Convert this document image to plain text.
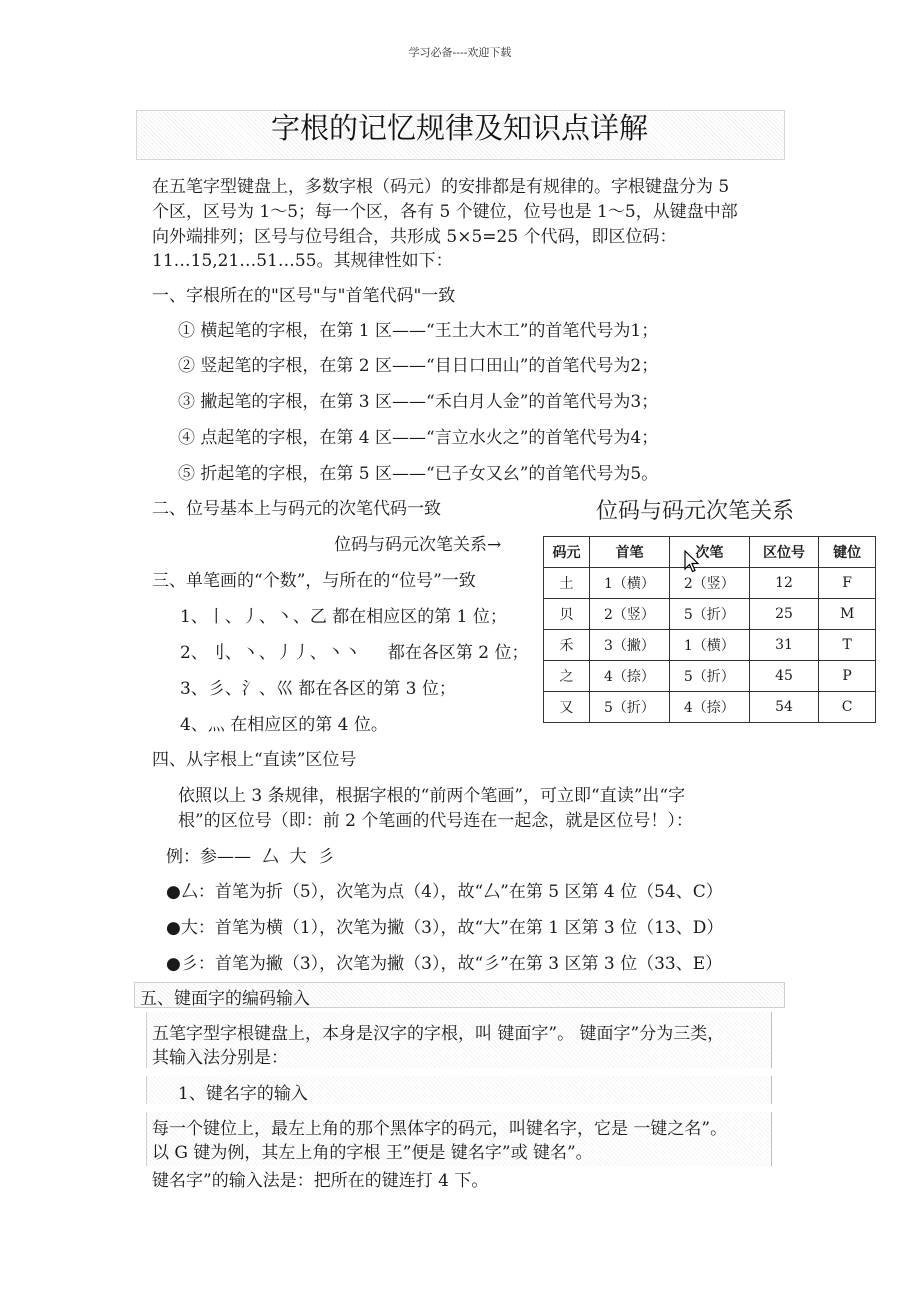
学习必备----欢迎下载
字根的记忆规律及知识点详解
在五笔字型键盘上，多数字根（码元）的安排都是有规律的。字根键盘分为 5
个区，区号为 1～5；每一个区，各有 5 个键位，位号也是 1～5，从键盘中部
向外端排列；区号与位号组合，共形成 5×5=25 个代码，即区位码：
11…15,21…51…55。其规律性如下：
一、字根所在的"区号"与"首笔代码"一致
① 横起笔的字根，在第 1 区——“王土大木工”的首笔代号为1；
② 竖起笔的字根，在第 2 区——“目日口田山”的首笔代号为2；
③ 撇起笔的字根，在第 3 区——“禾白月人金”的首笔代号为3；
④ 点起笔的字根，在第 4 区——“言立水火之”的首笔代号为4；
⑤ 折起笔的字根，在第 5 区——“已子女又幺”的首笔代号为5。
二、位号基本上与码元的次笔代码一致
位码与码元次笔关系→
三、单笔画的“个数”，与所在的“位号”一致
1、丨、丿、丶、乙 都在相应区的第 1 位；
2、刂、丶、丿丿、丶丶     都在各区第 2 位；
3、彡、氵、巛 都在各区的第 3 位；
4、灬 在相应区的第 4 位。
位码与码元次笔关系
码元	首笔	次笔	区位号	键位
土	1（横）	2（竖）	12	F
贝	2（竖）	5（折）	25	M
禾	3（撇）	1（横）	31	T
之	4（捺）	5（折）	45	P
又	5（折）	4（捺）	54	C
四、从字根上“直读”区位号
依照以上 3 条规律，根据字根的“前两个笔画”，可立即“直读”出“字
根”的区位号（即：前 2 个笔画的代号连在一起念，就是区位号！）：
例：参——  厶  大  彡
●厶：首笔为折（5），次笔为点（4），故“厶”在第 5 区第 4 位（54、C）
●大：首笔为横（1），次笔为撇（3），故“大”在第 1 区第 3 位（13、D）
●彡：首笔为撇（3），次笔为撇（3），故“彡”在第 3 区第 3 位（33、E）
五、键面字的编码输入
五笔字型字根键盘上，本身是汉字的字根，叫 键面字”。 键面字”分为三类，
其输入法分别是：
1、键名字的输入
每一个键位上，最左上角的那个黑体字的码元，叫键名字，它是 一键之名”。
以 G 键为例，其左上角的字根 王”便是 键名字”或 键名”。
键名字”的输入法是：把所在的键连打 4 下。
